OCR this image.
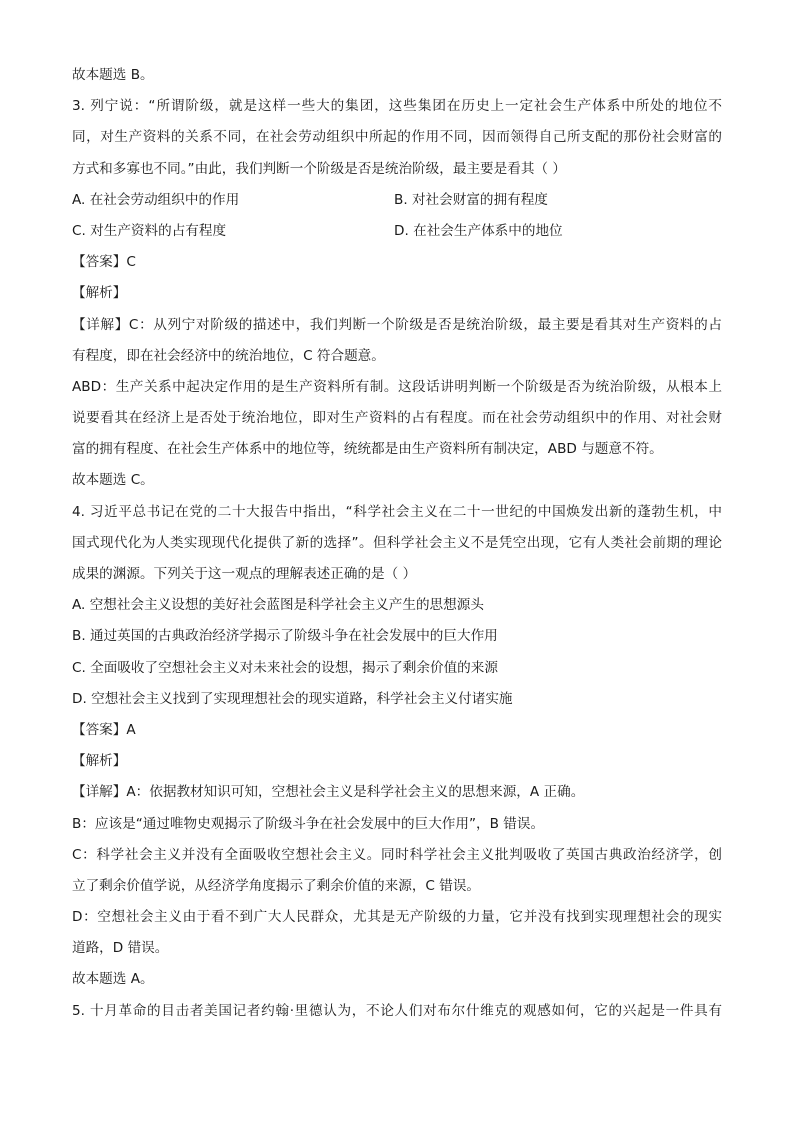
故本题选 B。
3. 列宁说：“所谓阶级，就是这样一些大的集团，这些集团在历史上一定社会生产体系中所处的地位不
同，对生产资料的关系不同，在社会劳动组织中所起的作用不同，因而领得自己所支配的那份社会财富的
方式和多寡也不同。”由此，我们判断一个阶级是否是统治阶级，最主要是看其（ ）
A. 在社会劳动组织中的作用	B. 对社会财富的拥有程度
C. 对生产资料的占有程度	D. 在社会生产体系中的地位
【答案】C
【解析】
【详解】C：从列宁对阶级的描述中，我们判断一个阶级是否是统治阶级，最主要是看其对生产资料的占
有程度，即在社会经济中的统治地位，C 符合题意。
ABD：生产关系中起决定作用的是生产资料所有制。这段话讲明判断一个阶级是否为统治阶级，从根本上
说要看其在经济上是否处于统治地位，即对生产资料的占有程度。而在社会劳动组织中的作用、对社会财
富的拥有程度、在社会生产体系中的地位等，统统都是由生产资料所有制决定，ABD 与题意不符。
故本题选 C。
4. 习近平总书记在党的二十大报告中指出，“科学社会主义在二十一世纪的中国焕发出新的蓬勃生机，中
国式现代化为人类实现现代化提供了新的选择”。但科学社会主义不是凭空出现，它有人类社会前期的理论
成果的渊源。下列关于这一观点的理解表述正确的是（ ）
A. 空想社会主义设想的美好社会蓝图是科学社会主义产生的思想源头
B. 通过英国的古典政治经济学揭示了阶级斗争在社会发展中的巨大作用
C. 全面吸收了空想社会主义对未来社会的设想，揭示了剩余价值的来源
D. 空想社会主义找到了实现理想社会的现实道路，科学社会主义付诸实施
【答案】A
【解析】
【详解】A：依据教材知识可知，空想社会主义是科学社会主义的思想来源，A 正确。
B：应该是“通过唯物史观揭示了阶级斗争在社会发展中的巨大作用”，B 错误。
C：科学社会主义并没有全面吸收空想社会主义。同时科学社会主义批判吸收了英国古典政治经济学，创
立了剩余价值学说，从经济学角度揭示了剩余价值的来源，C 错误。
D：空想社会主义由于看不到广大人民群众，尤其是无产阶级的力量，它并没有找到实现理想社会的现实
道路，D 错误。
故本题选 A。
5. 十月革命的目击者美国记者约翰·里德认为，不论人们对布尔什维克的观感如何，它的兴起是一件具有
